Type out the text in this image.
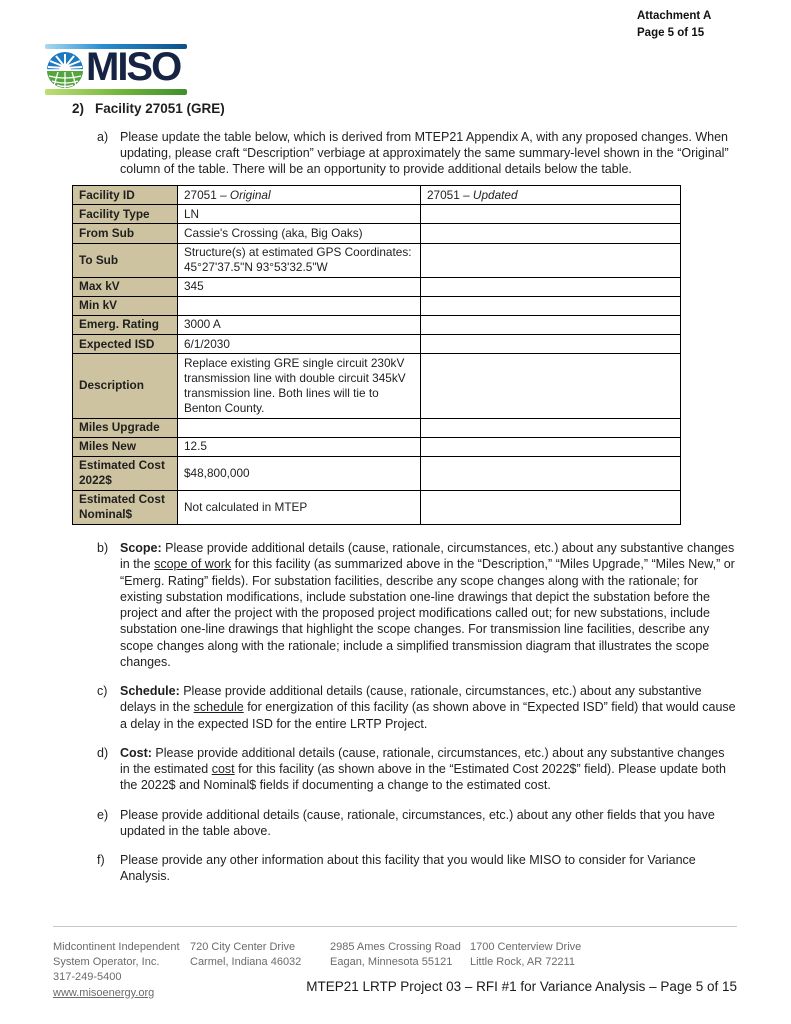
Attachment A
Page 5 of 15
MISO
2) Facility 27051 (GRE)
a) Please update the table below, which is derived from MTEP21 Appendix A, with any proposed changes. When updating, please craft “Description” verbiage at approximately the same summary-level shown in the “Original” column of the table. There will be an opportunity to provide additional details below the table.
Facility ID	27051 – Original	27051 – Updated
Facility Type	LN	
From Sub	Cassie's Crossing (aka, Big Oaks)	
To Sub	Structure(s) at estimated GPS Coordinates: 45°27'37.5"N 93°53'32.5"W	
Max kV	345	
Min kV		
Emerg. Rating	3000 A	
Expected ISD	6/1/2030	
Description	Replace existing GRE single circuit 230kV transmission line with double circuit 345kV transmission line. Both lines will tie to Benton County.	
Miles Upgrade		
Miles New	12.5	
Estimated Cost 2022$	$48,800,000	
Estimated Cost Nominal$	Not calculated in MTEP	
b) Scope: Please provide additional details (cause, rationale, circumstances, etc.) about any substantive changes in the scope of work for this facility (as summarized above in the “Description,” “Miles Upgrade,” “Miles New,” or “Emerg. Rating” fields). For substation facilities, describe any scope changes along with the rationale; for existing substation modifications, include substation one-line drawings that depict the substation before the project and after the project with the proposed project modifications called out; for new substations, include substation one-line drawings that highlight the scope changes. For transmission line facilities, describe any scope changes along with the rationale; include a simplified transmission diagram that illustrates the scope changes.
c)	Schedule: Please provide additional details (cause, rationale, circumstances, etc.) about any substantive delays in the schedule for energization of this facility (as shown above in “Expected ISD” field) that would cause a delay in the expected ISD for the entire LRTP Project.
d) Cost: Please provide additional details (cause, rationale, circumstances, etc.) about any substantive changes in the estimated cost for this facility (as shown above in the “Estimated Cost 2022$” field). Please update both the 2022$ and Nominal$ fields if documenting a change to the estimated cost.
e) Please provide additional details (cause, rationale, circumstances, etc.) about any other fields that you have updated in the table above.
f)	Please provide any other information about this facility that you would like MISO to consider for Variance Analysis.
Midcontinent Independent
System Operator, Inc.
317-249-5400
www.misoenergy.org
720 City Center Drive
Carmel, Indiana 46032
2985 Ames Crossing Road
Eagan, Minnesota 55121
1700 Centerview Drive
Little Rock, AR 72211
MTEP21 LRTP Project 03 – RFI #1 for Variance Analysis – Page 5 of 15
